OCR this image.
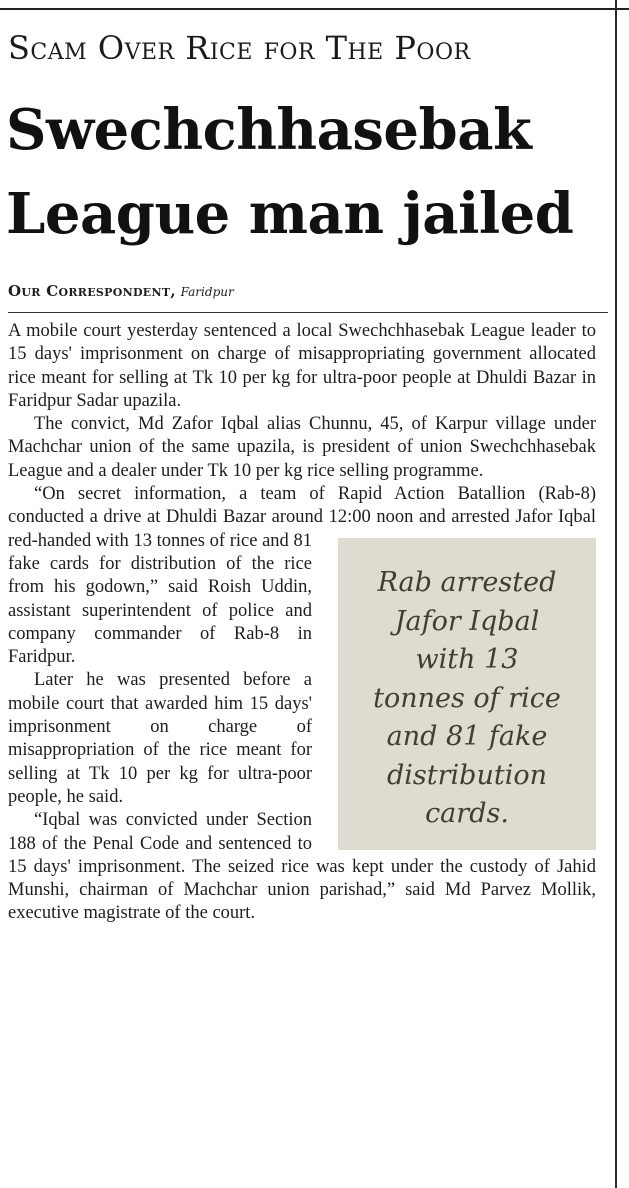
Scam Over Rice for The Poor
Swechchhasebak
League man jailed
Our Correspondent, Faridpur
Rab arrested
Jafor Iqbal
with 13
tonnes of rice
and 81 fake
distribution
cards.

A mobile court yesterday sentenced a local Swechchhasebak League leader to 15 days' imprisonment on charge of misappropriating government allocated rice meant for selling at Tk 10 per kg for ultra-poor people at Dhuldi Bazar in Faridpur Sadar upazila.

The convict, Md Zafor Iqbal alias Chunnu, 45, of Karpur village under Machchar union of the same upazila, is president of union Swechchhasebak League and a dealer under Tk 10 per kg rice selling programme.

“On secret information, a team of Rapid Action Batallion (Rab-8) conducted a drive at Dhuldi Bazar around 12:00 noon and arrested Jafor Iqbal red-handed with 13 tonnes of rice and 81 fake cards for distribution of the rice from his godown,” said Roish Uddin, assistant superintendent of police and company commander of Rab-8 in Faridpur.

Later he was presented before a mobile court that awarded him 15 days' imprisonment on charge of misappropriation of the rice meant for selling at Tk 10 per kg for ultra-poor people, he said.

“Iqbal was convicted under Section 188 of the Penal Code and sentenced to 15 days' imprisonment. The seized rice was kept under the custody of Jahid Munshi, chairman of Machchar union parishad,” said Md Parvez Mollik, executive magistrate of the court.
